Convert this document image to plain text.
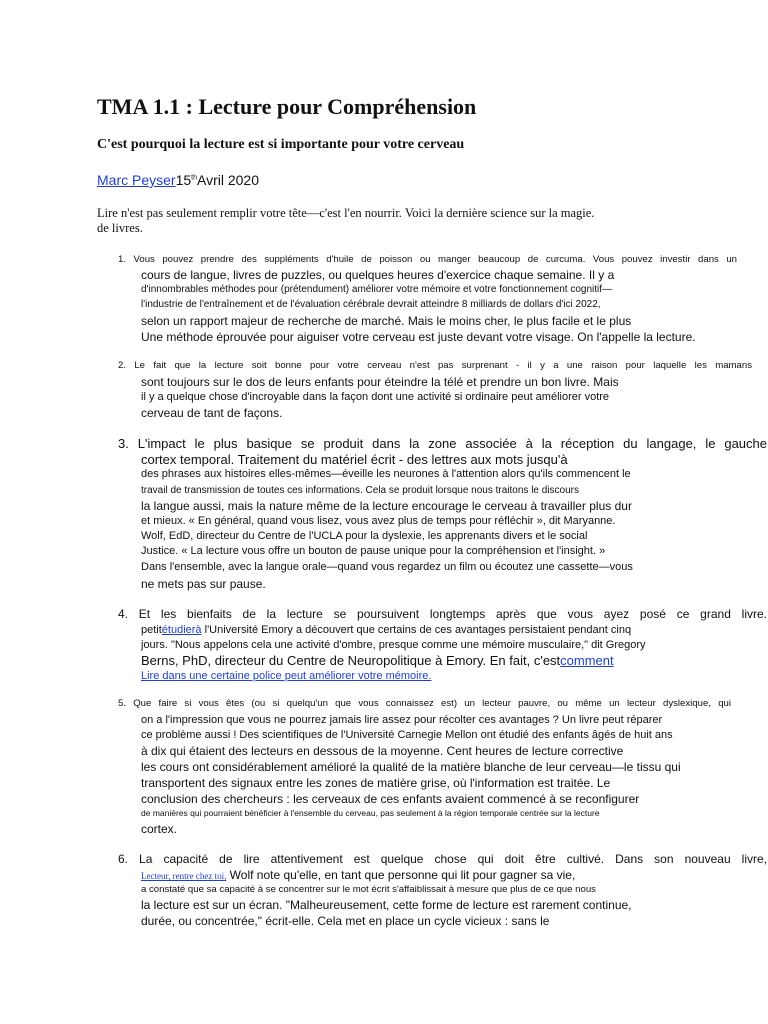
TMA 1.1 : Lecture pour Compréhension
C'est pourquoi la lecture est si importante pour votre cerveau
Marc Peyser15thAvril 2020
Lire n'est pas seulement remplir votre tête—c'est l'en nourrir. Voici la dernière science sur la magie.
de livres.
1. Vous pouvez prendre des suppléments d'huile de poisson ou manger beaucoup de curcuma. Vous pouvez investir dans un
cours de langue, livres de puzzles, ou quelques heures d'exercice chaque semaine. Il y a
d'innombrables méthodes pour (prétendument) améliorer votre mémoire et votre fonctionnement cognitif—
l'industrie de l'entraînement et de l'évaluation cérébrale devrait atteindre 8 milliards de dollars d'ici 2022,
selon un rapport majeur de recherche de marché. Mais le moins cher, le plus facile et le plus
Une méthode éprouvée pour aiguiser votre cerveau est juste devant votre visage. On l'appelle la lecture.
2. Le fait que la lecture soit bonne pour votre cerveau n'est pas surprenant - il y a une raison pour laquelle les mamans
sont toujours sur le dos de leurs enfants pour éteindre la télé et prendre un bon livre. Mais
il y a quelque chose d'incroyable dans la façon dont une activité si ordinaire peut améliorer votre
cerveau de tant de façons.
3. L'impact le plus basique se produit dans la zone associée à la réception du langage, le gauche
cortex temporal. Traitement du matériel écrit - des lettres aux mots jusqu'à
des phrases aux histoires elles-mêmes—éveille les neurones à l'attention alors qu'ils commencent le
travail de transmission de toutes ces informations. Cela se produit lorsque nous traitons le discours
la langue aussi, mais la nature même de la lecture encourage le cerveau à travailler plus dur
et mieux. « En général, quand vous lisez, vous avez plus de temps pour réfléchir », dit Maryanne.
Wolf, EdD, directeur du Centre de l'UCLA pour la dyslexie, les apprenants divers et le social
Justice. « La lecture vous offre un bouton de pause unique pour la compréhension et l'insight. »
Dans l'ensemble, avec la langue orale—quand vous regardez un film ou écoutez une cassette—vous
ne mets pas sur pause.
4. Et les bienfaits de la lecture se poursuivent longtemps après que vous ayez posé ce grand livre.
petitétudierà l'Université Emory a découvert que certains de ces avantages persistaient pendant cinq
jours. "Nous appelons cela une activité d'ombre, presque comme une mémoire musculaire," dit Gregory
Berns, PhD, directeur du Centre de Neuropolitique à Emory. En fait, c'estcomment
Lire dans une certaine police peut améliorer votre mémoire.
5. Que faire si vous êtes (ou si quelqu'un que vous connaissez est) un lecteur pauvre, ou même un lecteur dyslexique, qui
on a l'impression que vous ne pourrez jamais lire assez pour récolter ces avantages ? Un livre peut réparer
ce problème aussi ! Des scientifiques de l'Université Carnegie Mellon ont étudié des enfants âgés de huit ans
à dix qui étaient des lecteurs en dessous de la moyenne. Cent heures de lecture corrective
les cours ont considérablement amélioré la qualité de la matière blanche de leur cerveau—le tissu qui
transportent des signaux entre les zones de matière grise, où l'information est traitée. Le
conclusion des chercheurs : les cerveaux de ces enfants avaient commencé à se reconfigurer
de manières qui pourraient bénéficier à l'ensemble du cerveau, pas seulement à la région temporale centrée sur la lecture
cortex.
6. La capacité de lire attentivement est quelque chose qui doit être cultivé. Dans son nouveau livre,
Lecteur, rentre chez toi, Wolf note qu'elle, en tant que personne qui lit pour gagner sa vie,
a constaté que sa capacité à se concentrer sur le mot écrit s'affaiblissait à mesure que plus de ce que nous
la lecture est sur un écran. "Malheureusement, cette forme de lecture est rarement continue,
durée, ou concentrée," écrit-elle. Cela met en place un cycle vicieux : sans le
